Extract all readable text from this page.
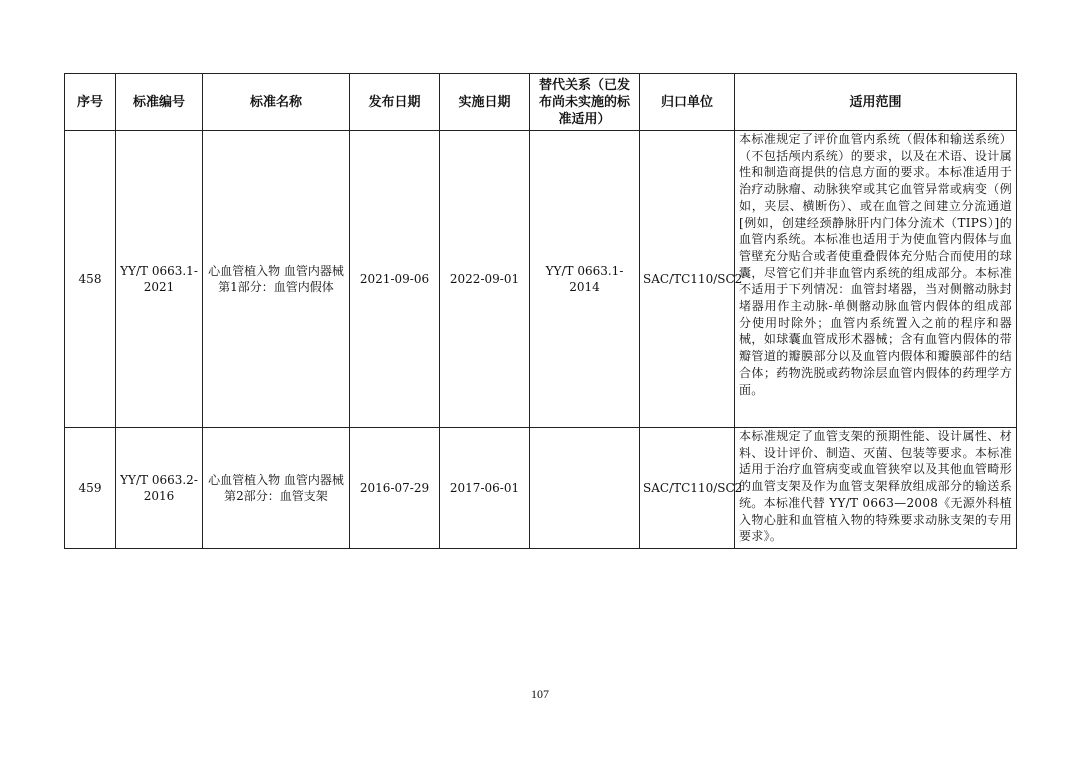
序号	标准编号	标准名称	发布日期	实施日期	替代关系（已发布尚未实施的标准适用）	归口单位	适用范围
458	YY/T 0663.1-2021	心血管植入物 血管内器械 第1部分：血管内假体	2021-09-06	2022-09-01	YY/T 0663.1-2014	SAC/TC110/SC2	本标准规定了评价血管内系统（假体和输送系统）（不包括颅内系统）的要求，以及在术语、设计属性和制造商提供的信息方面的要求。本标准适用于治疗动脉瘤、动脉狭窄或其它血管异常或病变（例如，夹层、横断伤）、或在血管之间建立分流通道[例如，创建经颈静脉肝内门体分流术（TIPS）]的血管内系统。本标准也适用于为使血管内假体与血管壁充分贴合或者使重叠假体充分贴合而使用的球囊，尽管它们并非血管内系统的组成部分。本标准不适用于下列情况：血管封堵器，当对侧髂动脉封堵器用作主动脉-单侧髂动脉血管内假体的组成部分使用时除外；血管内系统置入之前的程序和器械，如球囊血管成形术器械；含有血管内假体的带瓣管道的瓣膜部分以及血管内假体和瓣膜部件的结合体；药物洗脱或药物涂层血管内假体的药理学方面。
459	YY/T 0663.2-2016	心血管植入物 血管内器械 第2部分：血管支架	2016-07-29	2017-06-01		SAC/TC110/SC2	本标准规定了血管支架的预期性能、设计属性、材料、设计评价、制造、灭菌、包装等要求。本标准适用于治疗血管病变或血管狭窄以及其他血管畸形的血管支架及作为血管支架释放组成部分的输送系统。本标准代替 YY/T 0663—2008《无源外科植入物心脏和血管植入物的特殊要求动脉支架的专用要求》。
107
